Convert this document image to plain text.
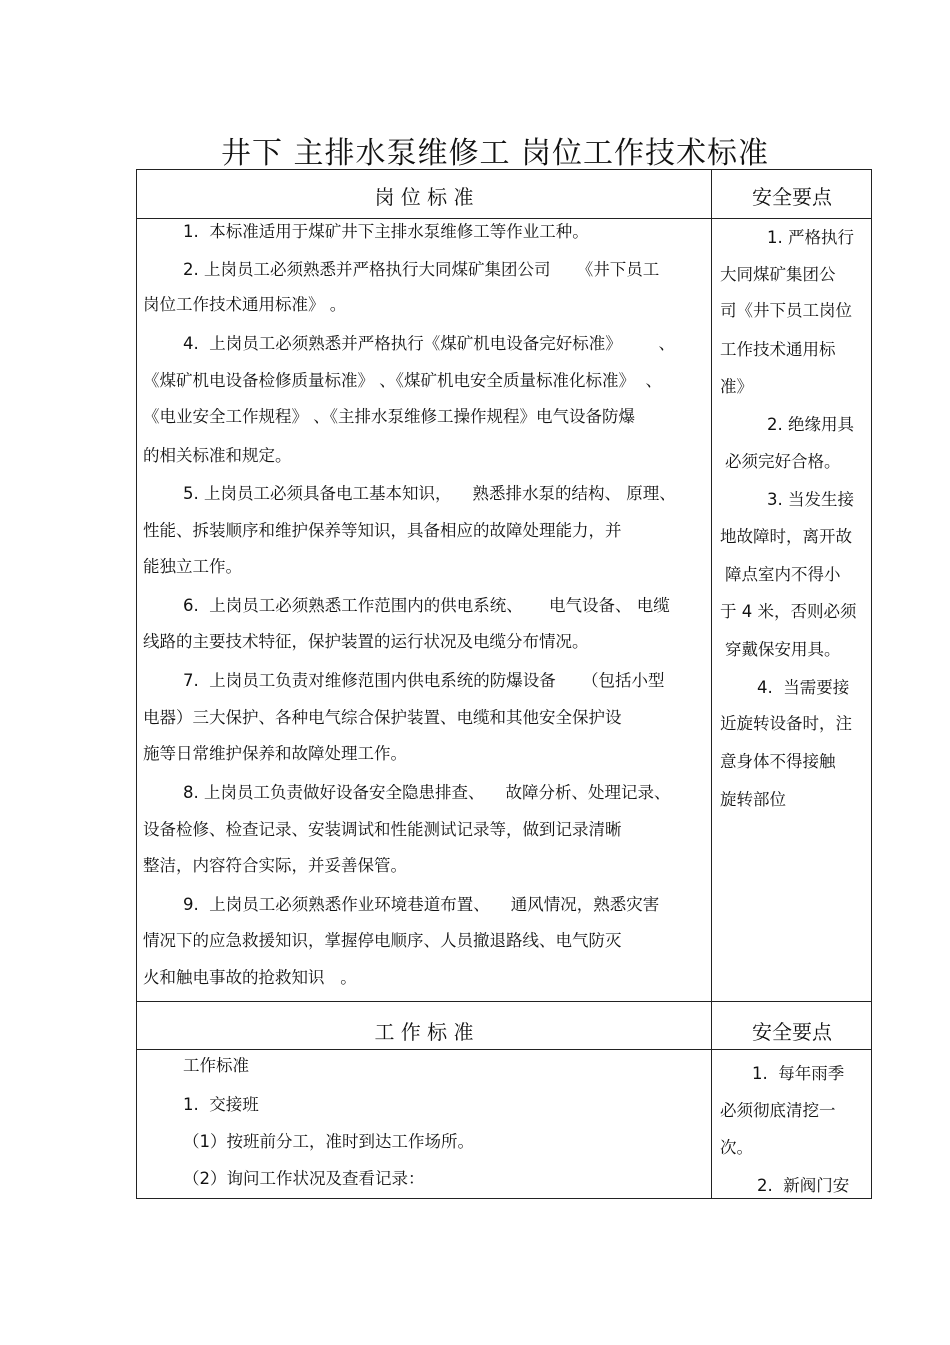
井下 主排水泵维修工 岗位工作技术标准
岗 位 标 准	安全要点
工 作 标 准	安全要点
1.  本标准适用于煤矿井下主排水泵维修工等作业工种。
2. 上岗员工必须熟悉并严格执行大同煤矿集团公司     《井下员工
岗位工作技术通用标准》 。
4.  上岗员工必须熟悉并严格执行《煤矿机电设备完好标准》       、
《煤矿机电设备检修质量标准》 、《煤矿机电安全质量标准化标准》  、
《电业安全工作规程》 、《主排水泵维修工操作规程》电气设备防爆
的相关标准和规定。
5. 上岗员工必须具备电工基本知识，    熟悉排水泵的结构、 原理、
性能、拆装顺序和维护保养等知识，具备相应的故障处理能力，并
能独立工作。
6.  上岗员工必须熟悉工作范围内的供电系统、     电气设备、 电缆
线路的主要技术特征，保护装置的运行状况及电缆分布情况。
7.  上岗员工负责对维修范围内供电系统的防爆设备     （包括小型
电器）三大保护、各种电气综合保护装置、电缆和其他安全保护设
施等日常维护保养和故障处理工作。
8. 上岗员工负责做好设备安全隐患排查、    故障分析、处理记录、
设备检修、检查记录、安装调试和性能测试记录等，做到记录清晰
整洁，内容符合实际，并妥善保管。
9.  上岗员工必须熟悉作业环境巷道布置、    通风情况，熟悉灾害
情况下的应急救援知识，掌握停电顺序、人员撤退路线、电气防灭
火和触电事故的抢救知识   。
1. 严格执行
大同煤矿集团公
司《井下员工岗位
工作技术通用标
准》
2. 绝缘用具
必须完好合格。
3. 当发生接
地故障时，离开故
障点室内不得小
于 4 米，否则必须
穿戴保安用具。
4.  当需要接
近旋转设备时，注
意身体不得接触
旋转部位
工作标准
1.  交接班
（1）按班前分工，准时到达工作场所。
（2）询问工作状况及查看记录：
1.  每年雨季
必须彻底清挖一
次。
2.  新阀门安
